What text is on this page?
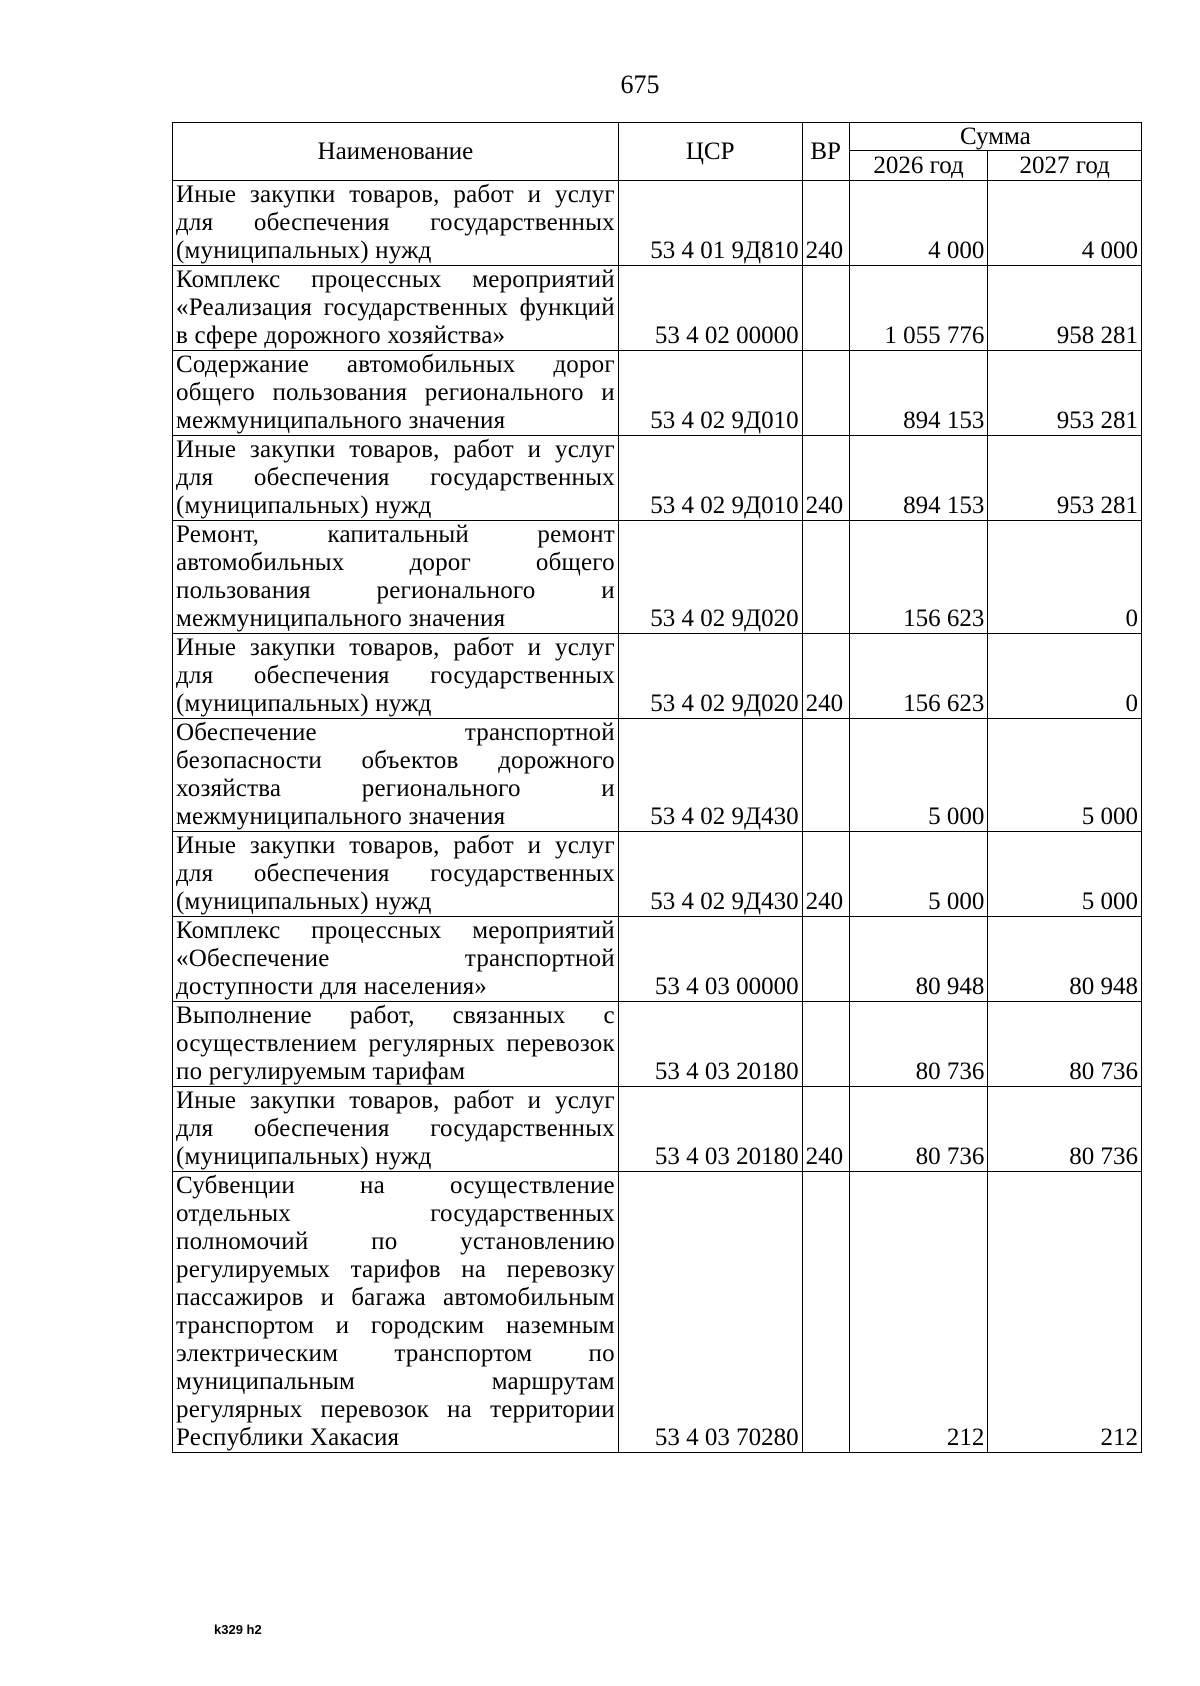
675
Наименование	ЦСР	ВР	Сумма	
			2026 год	2027 год
Иные закупки товаров, работ и услуг для обеспечения государственных (муниципальных) нужд	53 4 01 9Д810	240	4 000	4 000
Комплекс процессных мероприятий «Реализация государственных функций в сфере дорожного хозяйства»	53 4 02 00000		1 055 776	958 281
Содержание автомобильных дорог общего пользования регионального и межмуниципального значения	53 4 02 9Д010		894 153	953 281
Иные закупки товаров, работ и услуг для обеспечения государственных (муниципальных) нужд	53 4 02 9Д010	240	894 153	953 281
Ремонт, капитальный ремонт автомобильных дорог общего пользования регионального и межмуниципального значения	53 4 02 9Д020		156 623	0
Иные закупки товаров, работ и услуг для обеспечения государственных (муниципальных) нужд	53 4 02 9Д020	240	156 623	0
Обеспечение транспортной безопасности объектов дорожного хозяйства регионального и межмуниципального значения	53 4 02 9Д430		5 000	5 000
Иные закупки товаров, работ и услуг для обеспечения государственных (муниципальных) нужд	53 4 02 9Д430	240	5 000	5 000
Комплекс процессных мероприятий «Обеспечение транспортной доступности для населения»	53 4 03 00000		80 948	80 948
Выполнение работ, связанных с осуществлением регулярных перевозок по регулируемым тарифам	53 4 03 20180		80 736	80 736
Иные закупки товаров, работ и услуг для обеспечения государственных (муниципальных) нужд	53 4 03 20180	240	80 736	80 736
Субвенции на осуществление отдельных государственных полномочий по установлению регулируемых тарифов на перевозку пассажиров и багажа автомобильным транспортом и городским наземным электрическим транспортом по муниципальным маршрутам регулярных перевозок на территории Республики Хакасия	53 4 03 70280		212	212
k329 h2
